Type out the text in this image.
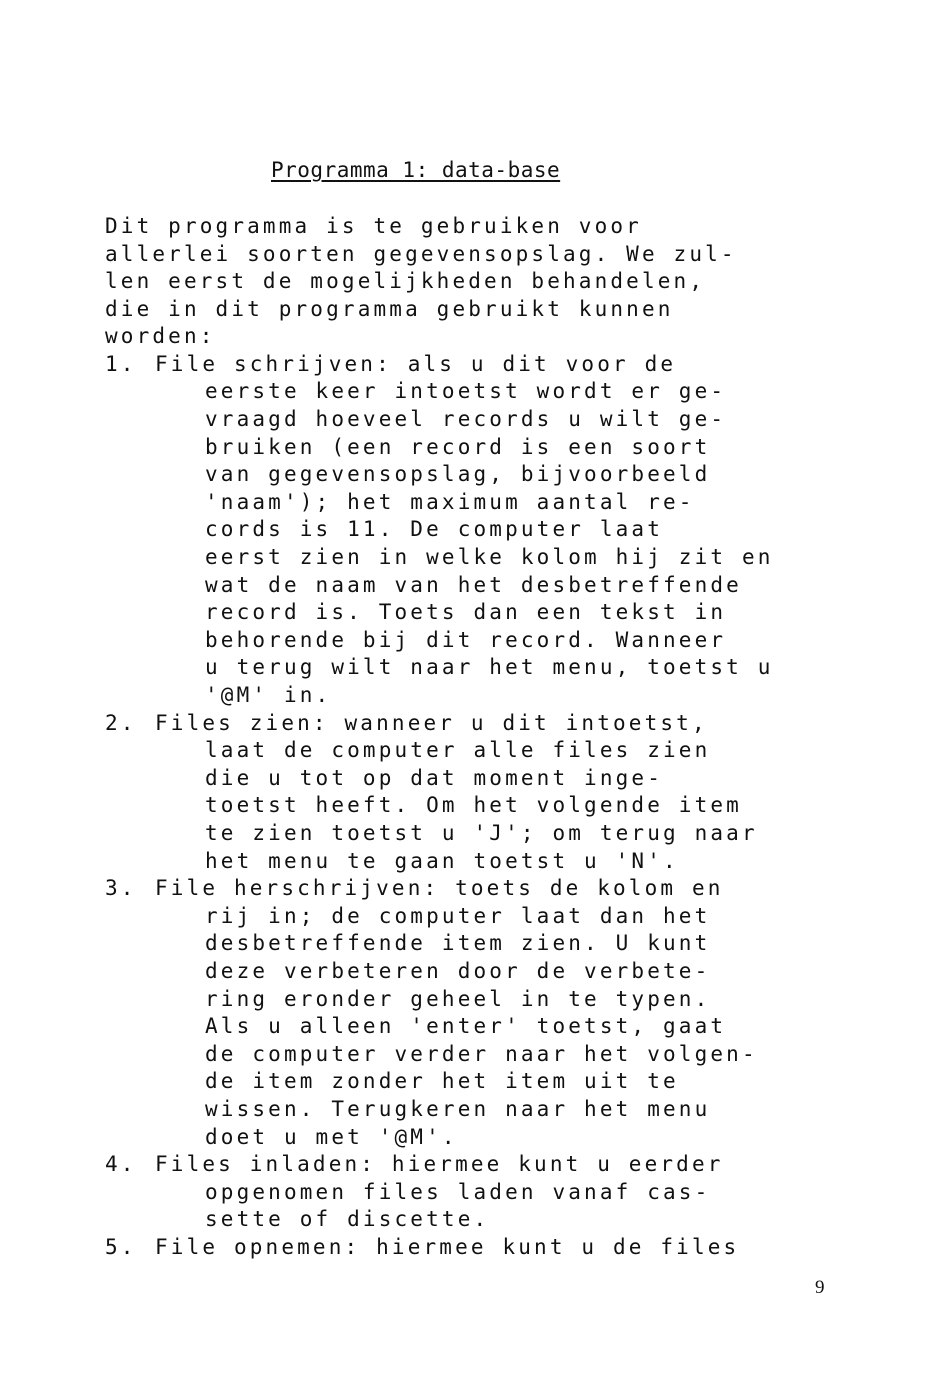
Programma 1: data-base
Dit programma is te gebruiken voor
allerlei soorten gegevensopslag. We zul-
len eerst de mogelijkheden behandelen,
die in dit programma gebruikt kunnen
worden:
1. File schrijven: als u dit voor de
eerste keer intoetst wordt er ge-
vraagd hoeveel records u wilt ge-
bruiken (een record is een soort
van gegevensopslag, bijvoorbeeld
'naam'); het maximum aantal re-
cords is 11. De computer laat
eerst zien in welke kolom hij zit en
wat de naam van het desbetreffende
record is. Toets dan een tekst in
behorende bij dit record. Wanneer
u terug wilt naar het menu, toetst u
'@M' in.
2. Files zien: wanneer u dit intoetst,
laat de computer alle files zien
die u tot op dat moment inge-
toetst heeft. Om het volgende item
te zien toetst u 'J'; om terug naar
het menu te gaan toetst u 'N'.
3. File herschrijven: toets de kolom en
rij in; de computer laat dan het
desbetreffende item zien. U kunt
deze verbeteren door de verbete-
ring eronder geheel in te typen.
Als u alleen 'enter' toetst, gaat
de computer verder naar het volgen-
de item zonder het item uit te
wissen. Terugkeren naar het menu
doet u met '@M'.
4. Files inladen: hiermee kunt u eerder
opgenomen files laden vanaf cas-
sette of discette.
5. File opnemen: hiermee kunt u de files
9
